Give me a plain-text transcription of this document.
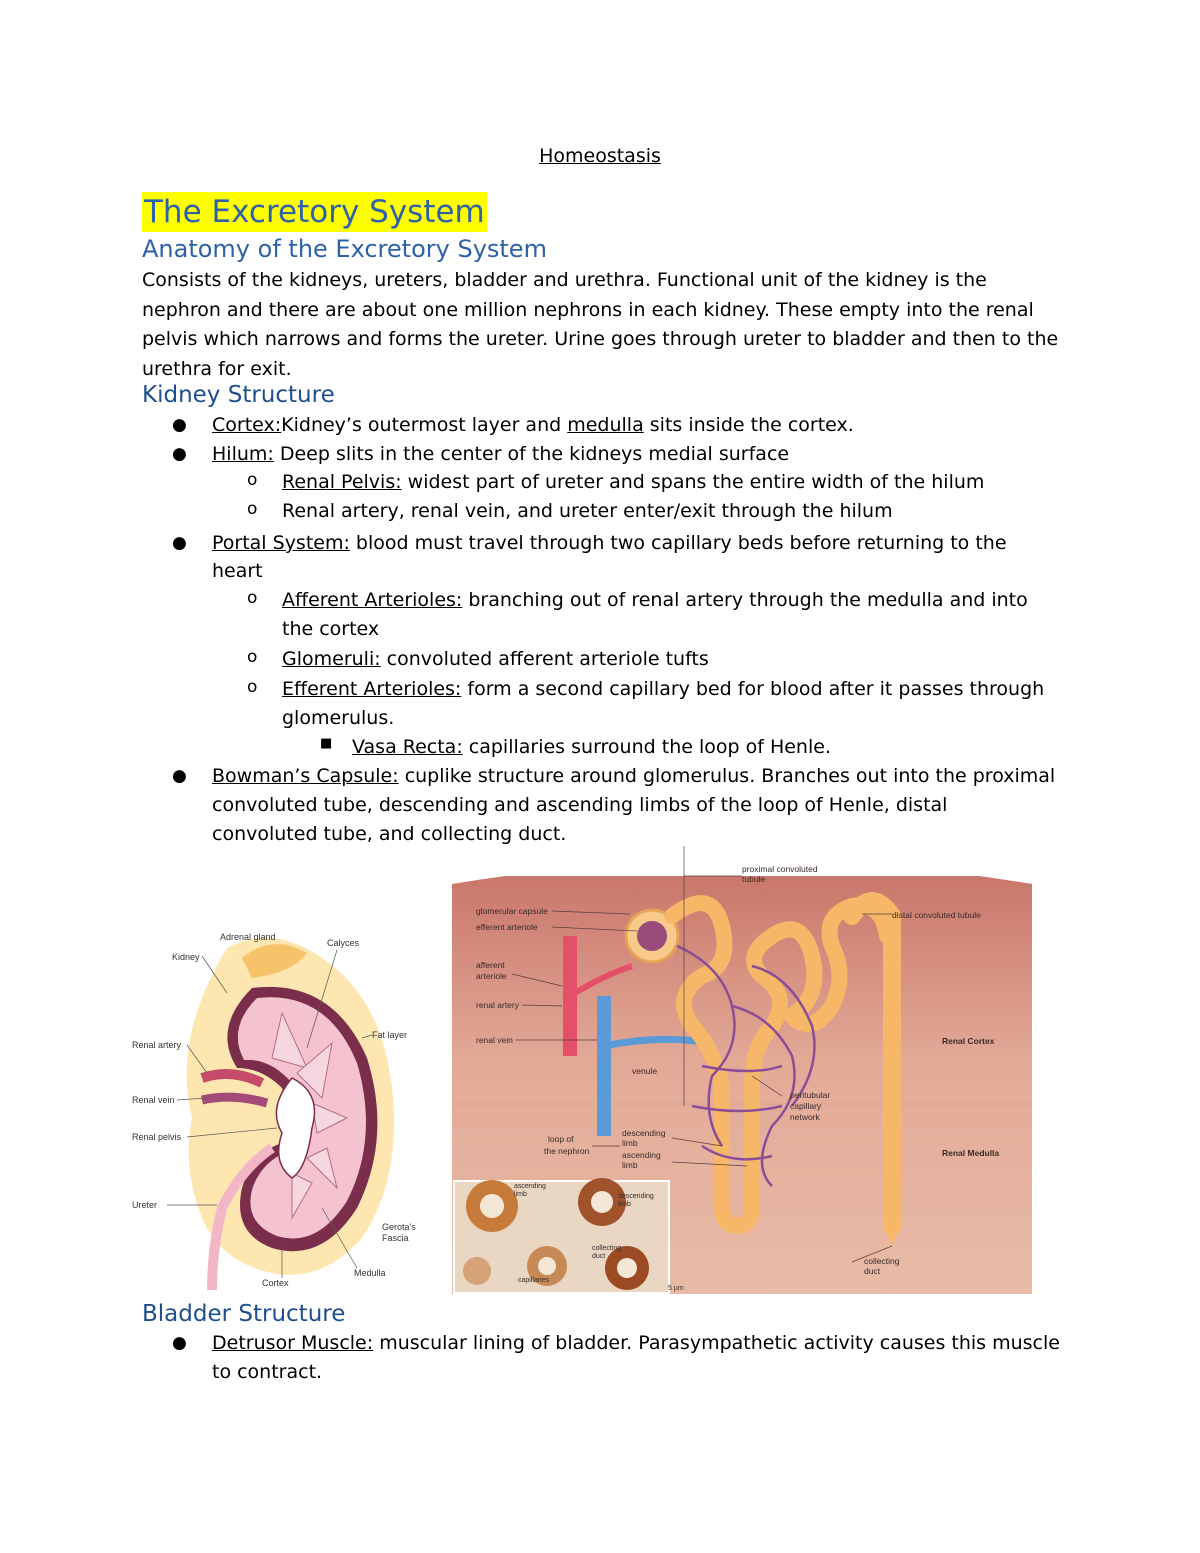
Homeostasis
The Excretory System
Anatomy of the Excretory System

Consists of the kidneys, ureters, bladder and urethra. Functional unit of the kidney is the nephron and there are about one million nephrons in each kidney. These empty into the renal pelvis which narrows and forms the ureter. Urine goes through ureter to bladder and then to the urethra for exit.

Kidney Structure
● Cortex:Kidney’s outermost layer and medulla sits inside the cortex.
● Hilum: Deep slits in the center of the kidneys medial surface
o Renal Pelvis: widest part of ureter and spans the entire width of the hilum
o Renal artery, renal vein, and ureter enter/exit through the hilum
● Portal System: blood must travel through two capillary beds before returning to the
heart
o Afferent Arterioles: branching out of renal artery through the medulla and into
the cortex
o Glomeruli: convoluted afferent arteriole tufts
o Efferent Arterioles: form a second capillary bed for blood after it passes through
glomerulus.
■ Vasa Recta: capillaries surround the loop of Henle.
● Bowman’s Capsule: cuplike structure around glomerulus. Branches out into the proximal
convoluted tube, descending and ascending limbs of the loop of Henle, distal
convoluted tube, and collecting duct.
Adrenal gland
Kidney
Calyces
Fat layer
Renal artery
Renal vein
Renal pelvis
Ureter
Gerota's
Fascia
Medulla
Cortex
proximal convoluted
tubule
glomerular capsule
efferent arteriole
afferent
arteriole
renal artery
renal vein
venule
distal convoluted tubule
Renal Cortex
Renal Medulla
peritubular
capillary
network
loop of
the nephron
descending
limb
ascending
limb
collecting
duct
ascending
limb	descending
limb
collecting
duct
capillaries
5 µm
Bladder Structure
● Detrusor Muscle: muscular lining of bladder. Parasympathetic activity causes this muscle
to contract.
